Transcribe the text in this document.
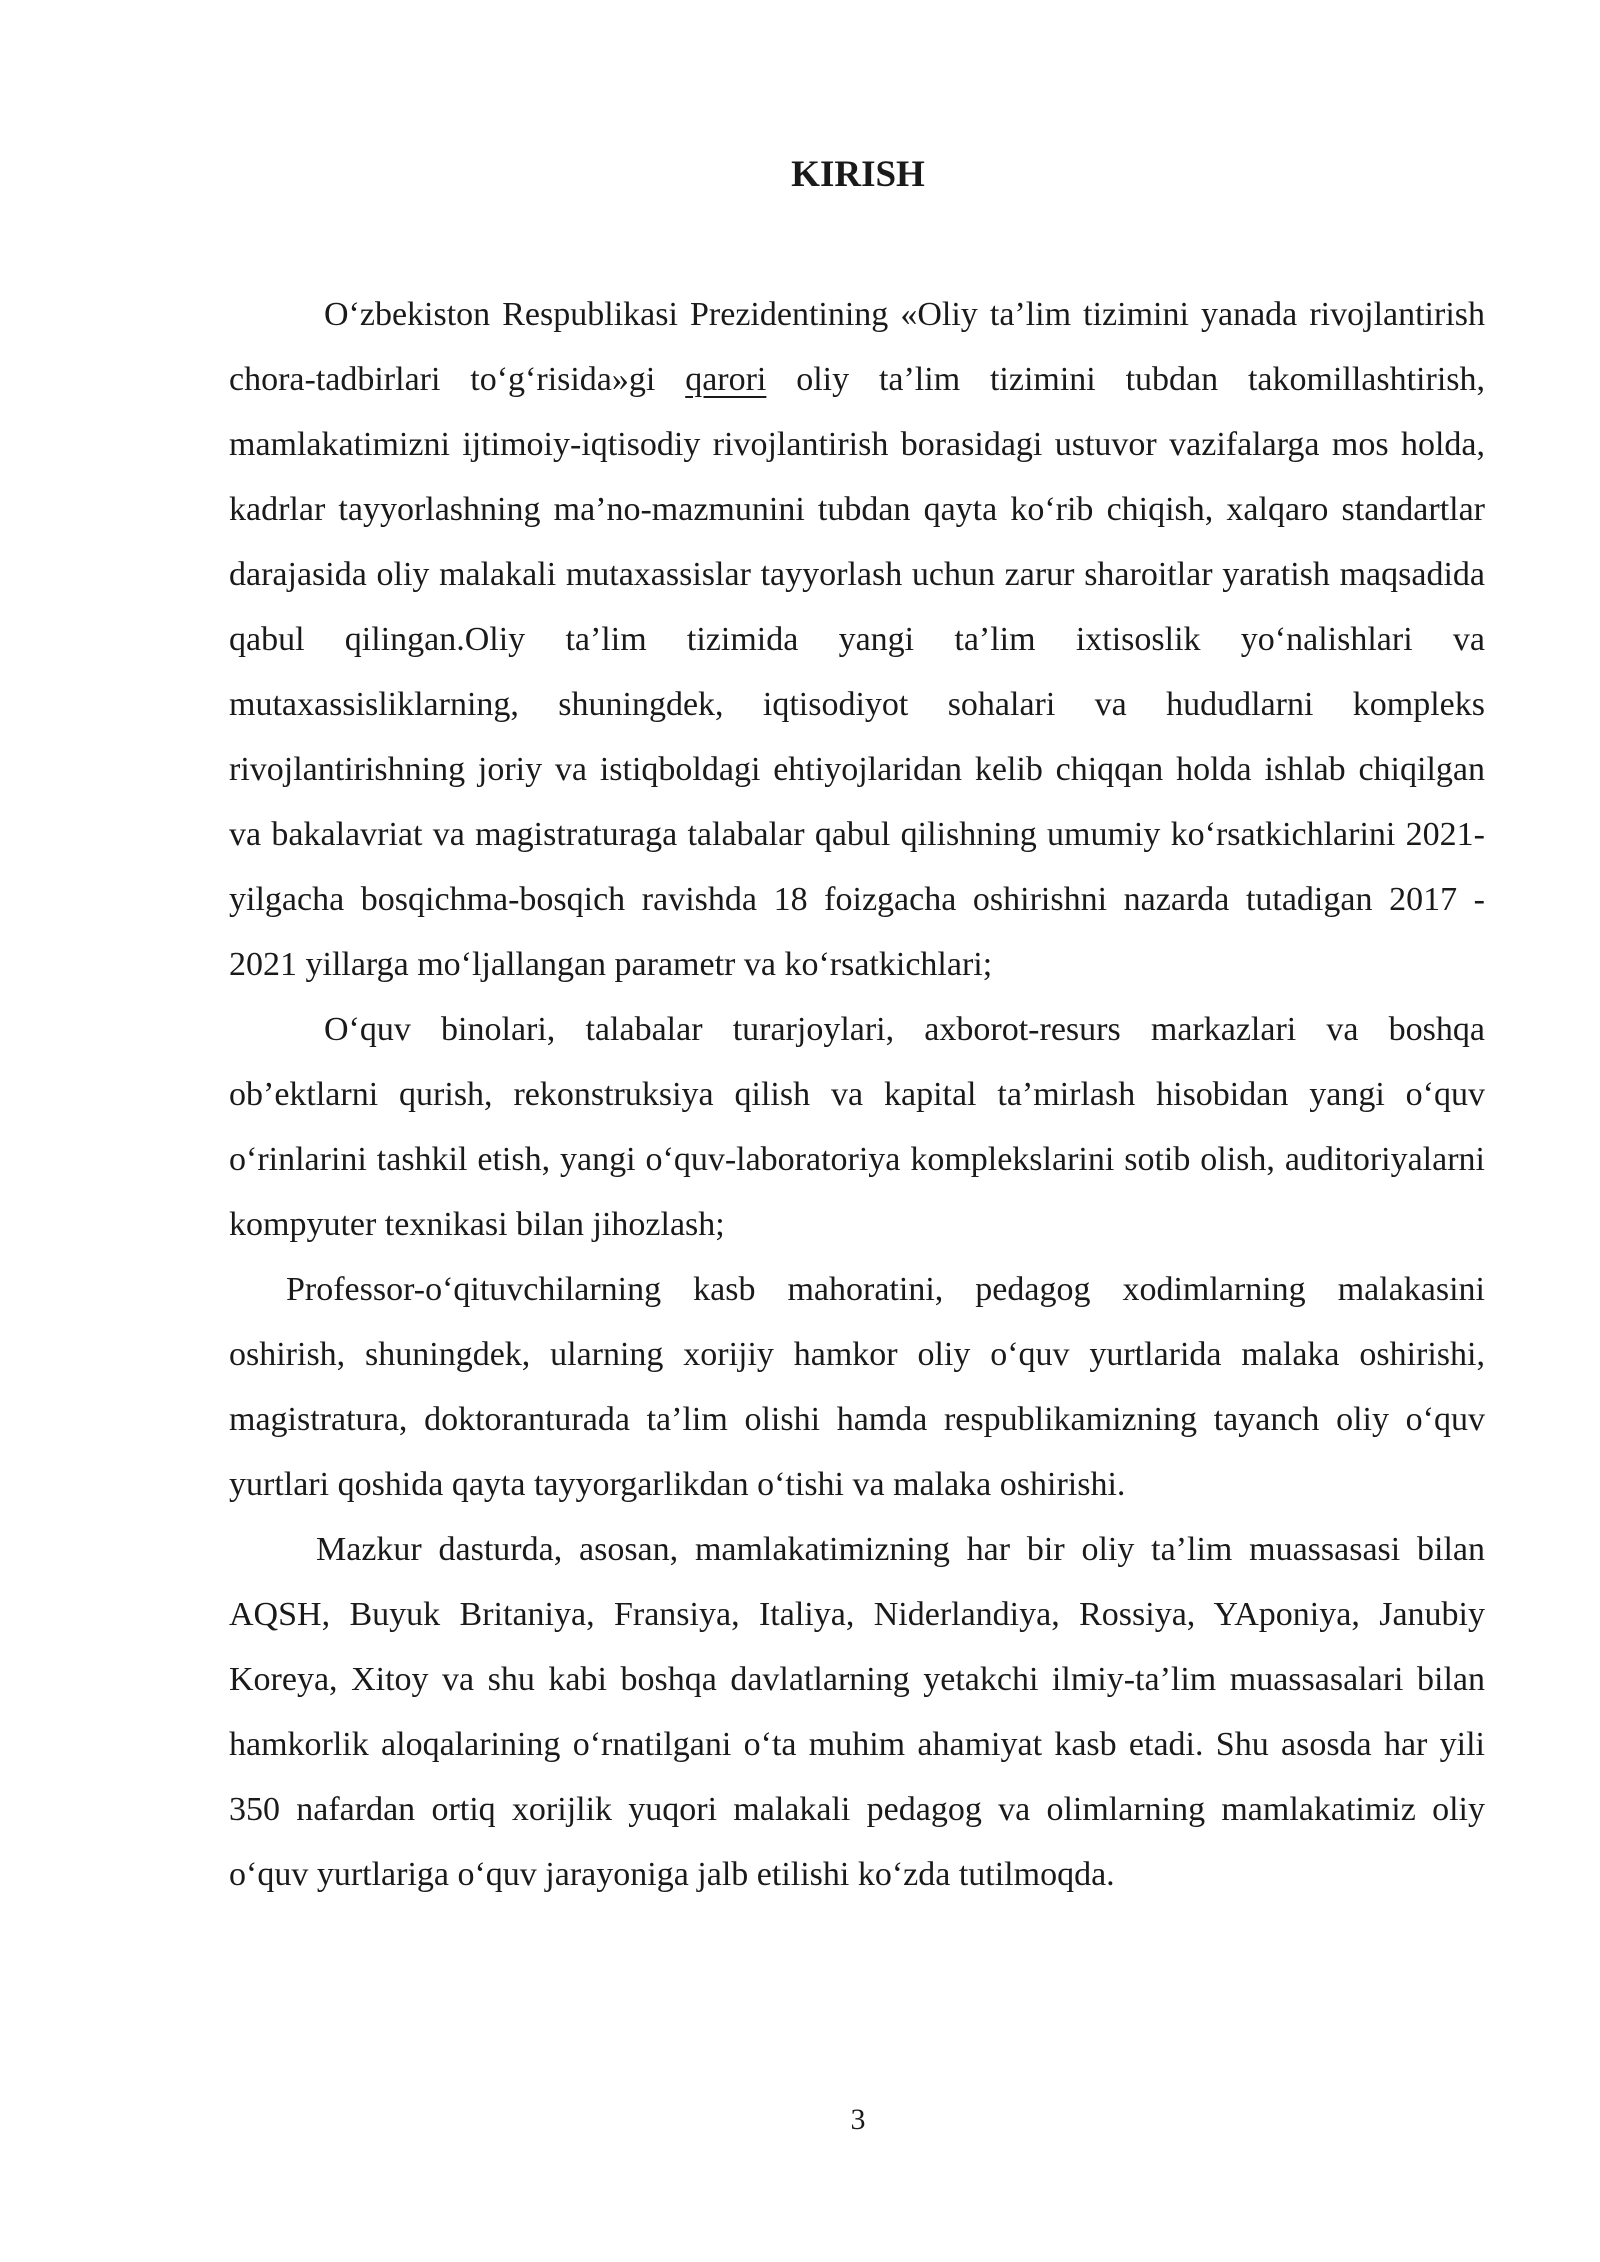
KIRISH

O‘zbekiston Respublikasi Prezidentining «Oliy ta’lim tizimini yanada rivojlantirish chora-tadbirlari to‘g‘risida»gi qarori oliy ta’lim tizimini tubdan takomillashtirish, mamlakatimizni ijtimoiy-iqtisodiy rivojlantirish borasidagi ustuvor vazifalarga mos holda, kadrlar tayyorlashning ma’no-mazmunini tubdan qayta ko‘rib chiqish, xalqaro standartlar darajasida oliy malakali mutaxassislar tayyorlash uchun zarur sharoitlar yaratish maqsadida qabul qilingan.Oliy ta’lim tizimida yangi ta’lim ixtisoslik yo‘nalishlari va mutaxassisliklarning, shuningdek, iqtisodiyot sohalari va hududlarni kompleks rivojlantirishning joriy va istiqboldagi ehtiyojlaridan kelib chiqqan holda ishlab chiqilgan va bakalavriat va magistraturaga talabalar qabul qilishning umumiy ko‘rsatkichlarini 2021-yilgacha bosqichma-bosqich ravishda 18 foizgacha oshirishni nazarda tutadigan 2017 - 2021 yillarga mo‘ljallangan parametr va ko‘rsatkichlari;

O‘quv binolari, talabalar turarjoylari, axborot-resurs markazlari va boshqa ob’ektlarni qurish, rekonstruksiya qilish va kapital ta’mirlash hisobidan yangi o‘quv o‘rinlarini tashkil etish, yangi o‘quv-laboratoriya komplekslarini sotib olish, auditoriyalarni kompyuter texnikasi bilan jihozlash;

Professor-o‘qituvchilarning kasb mahoratini, pedagog xodimlarning malakasini oshirish, shuningdek, ularning xorijiy hamkor oliy o‘quv yurtlarida malaka oshirishi, magistratura, doktoranturada ta’lim olishi hamda respublikamizning tayanch oliy o‘quv yurtlari qoshida qayta tayyorgarlikdan o‘tishi va malaka oshirishi.

Mazkur dasturda, asosan, mamlakatimizning har bir oliy ta’lim muassasasi bilan AQSH, Buyuk Britaniya, Fransiya, Italiya, Niderlandiya, Rossiya, YAponiya, Janubiy Koreya, Xitoy va shu kabi boshqa davlatlarning yetakchi ilmiy-ta’lim muassasalari bilan hamkorlik aloqalarining o‘rnatilgani o‘ta muhim ahamiyat kasb etadi. Shu asosda har yili 350 nafardan ortiq xorijlik yuqori malakali pedagog va olimlarning mamlakatimiz oliy o‘quv yurtlariga o‘quv jarayoniga jalb etilishi ko‘zda tutilmoqda.

3
